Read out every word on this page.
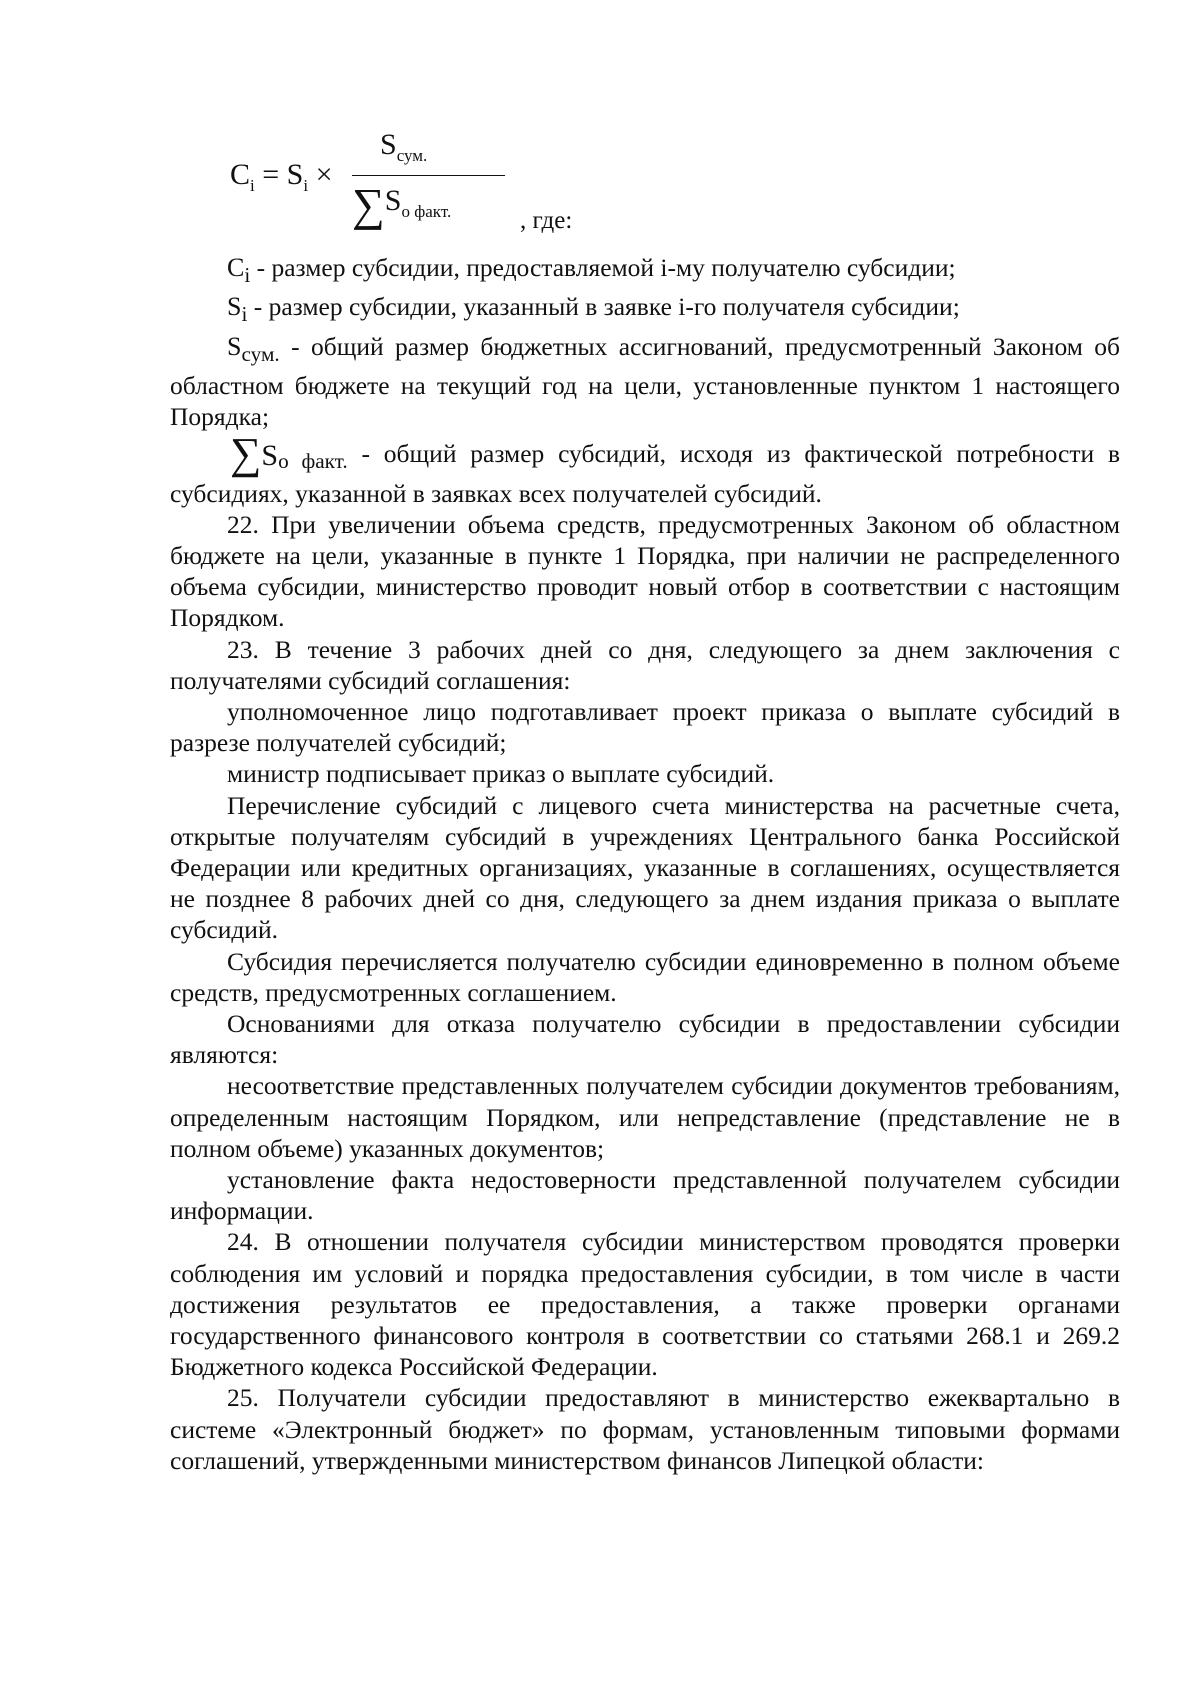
$C_i = S_i$ ×
$S_{сум.}$
$\sum S_{о факт.}$	, где:

$C_i$ - размер субсидии, предоставляемой i-му получателю субсидии;

$S_i$ - размер субсидии, указанный в заявке i-го получателя субсидии;

$S_{сум.}$ - общий размер бюджетных ассигнований, предусмотренный Законом об областном бюджете на текущий год на цели, установленные пунктом 1 настоящего Порядка;

$\sum S_{о факт.}$ - общий размер субсидий, исходя из фактической потребности в субсидиях, указанной в заявках всех получателей субсидий.

22. При увеличении объема средств, предусмотренных Законом об областном бюджете на цели, указанные в пункте 1 Порядка, при наличии не распределенного объема субсидии, министерство проводит новый отбор в соответствии с настоящим Порядком.

23. В течение 3 рабочих дней со дня, следующего за днем заключения с получателями субсидий соглашения:

уполномоченное лицо подготавливает проект приказа о выплате субсидий в разрезе получателей субсидий;

министр подписывает приказ о выплате субсидий.

Перечисление субсидий с лицевого счета министерства на расчетные счета, открытые получателям субсидий в учреждениях Центрального банка Российской Федерации или кредитных организациях, указанные в соглашениях, осуществляется не позднее 8 рабочих дней со дня, следующего за днем издания приказа о выплате субсидий.

Субсидия перечисляется получателю субсидии единовременно в полном объеме средств, предусмотренных соглашением.

Основаниями для отказа получателю субсидии в предоставлении субсидии являются:

несоответствие представленных получателем субсидии документов требованиям, определенным настоящим Порядком, или непредставление (представление не в полном объеме) указанных документов;

установление факта недостоверности представленной получателем субсидии информации.

24. В отношении получателя субсидии министерством проводятся проверки соблюдения им условий и порядка предоставления субсидии, в том числе в части достижения результатов ее предоставления, а также проверки органами государственного финансового контроля в соответствии со статьями 268.1 и 269.2 Бюджетного кодекса Российской Федерации.

25. Получатели субсидии предоставляют в министерство ежеквартально в системе «Электронный бюджет» по формам, установленным типовыми формами соглашений, утвержденными министерством финансов Липецкой области:
